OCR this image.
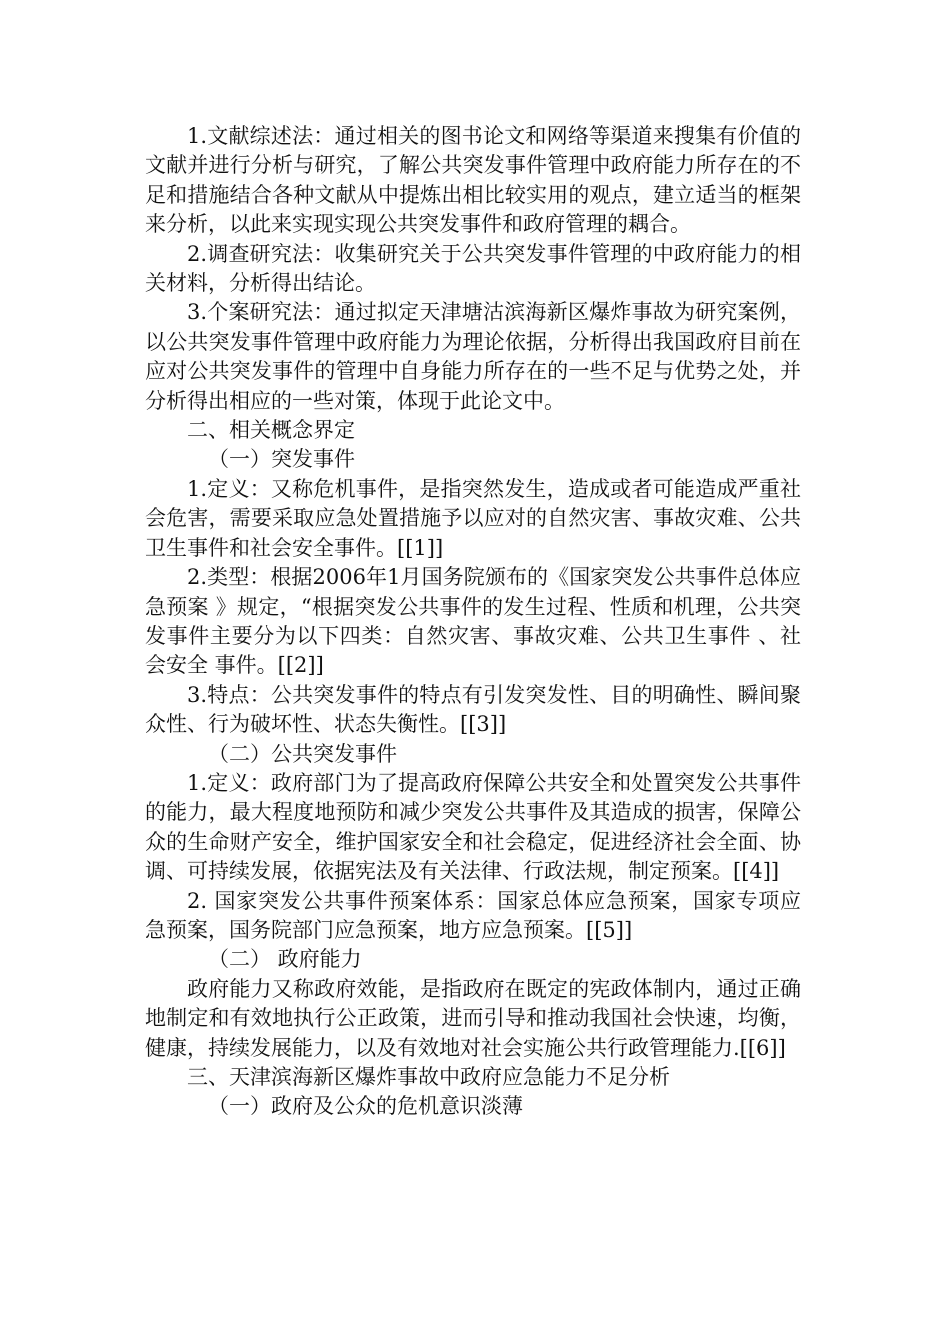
1.文献综述法：通过相关的图书论文和网络等渠道来搜集有价值的文献并进行分析与研究，了解公共突发事件管理中政府能力所存在的不足和措施结合各种文献从中提炼出相比较实用的观点，建立适当的框架来分析，以此来实现实现公共突发事件和政府管理的耦合。

2.调查研究法：收集研究关于公共突发事件管理的中政府能力的相关材料，分析得出结论。

3.个案研究法：通过拟定天津塘沽滨海新区爆炸事故为研究案例，以公共突发事件管理中政府能力为理论依据，分析得出我国政府目前在应对公共突发事件的管理中自身能力所存在的一些不足与优势之处，并分析得出相应的一些对策，体现于此论文中。

二、相关概念界定

（一）突发事件

1.定义：又称危机事件，是指突然发生，造成或者可能造成严重社会危害，需要采取应急处置措施予以应对的自然灾害、事故灾难、公共卫生事件和社会安全事件。[[1]]

2.类型：根据2006年1月国务院颁布的《国家突发公共事件总体应急预案 》规定，“根据突发公共事件的发生过程、性质和机理，公共突发事件主要分为以下四类：自然灾害、事故灾难、公共卫生事件 、社会安全 事件。[[2]]

3.特点：公共突发事件的特点有引发突发性、目的明确性、瞬间聚众性、行为破坏性、状态失衡性。[[3]]

（二）公共突发事件

1.定义：政府部门为了提高政府保障公共安全和处置突发公共事件的能力，最大程度地预防和减少突发公共事件及其造成的损害，保障公众的生命财产安全，维护国家安全和社会稳定，促进经济社会全面、协调、可持续发展，依据宪法及有关法律、行政法规，制定预案。[[4]]

2. 国家突发公共事件预案体系：国家总体应急预案，国家专项应急预案，国务院部门应急预案，地方应急预案。[[5]]

（二） 政府能力

政府能力又称政府效能，是指政府在既定的宪政体制内，通过正确地制定和有效地执行公正政策，进而引导和推动我国社会快速，均衡，健康，持续发展能力，以及有效地对社会实施公共行政管理能力.[[6]]

三、天津滨海新区爆炸事故中政府应急能力不足分析

（一）政府及公众的危机意识淡薄
